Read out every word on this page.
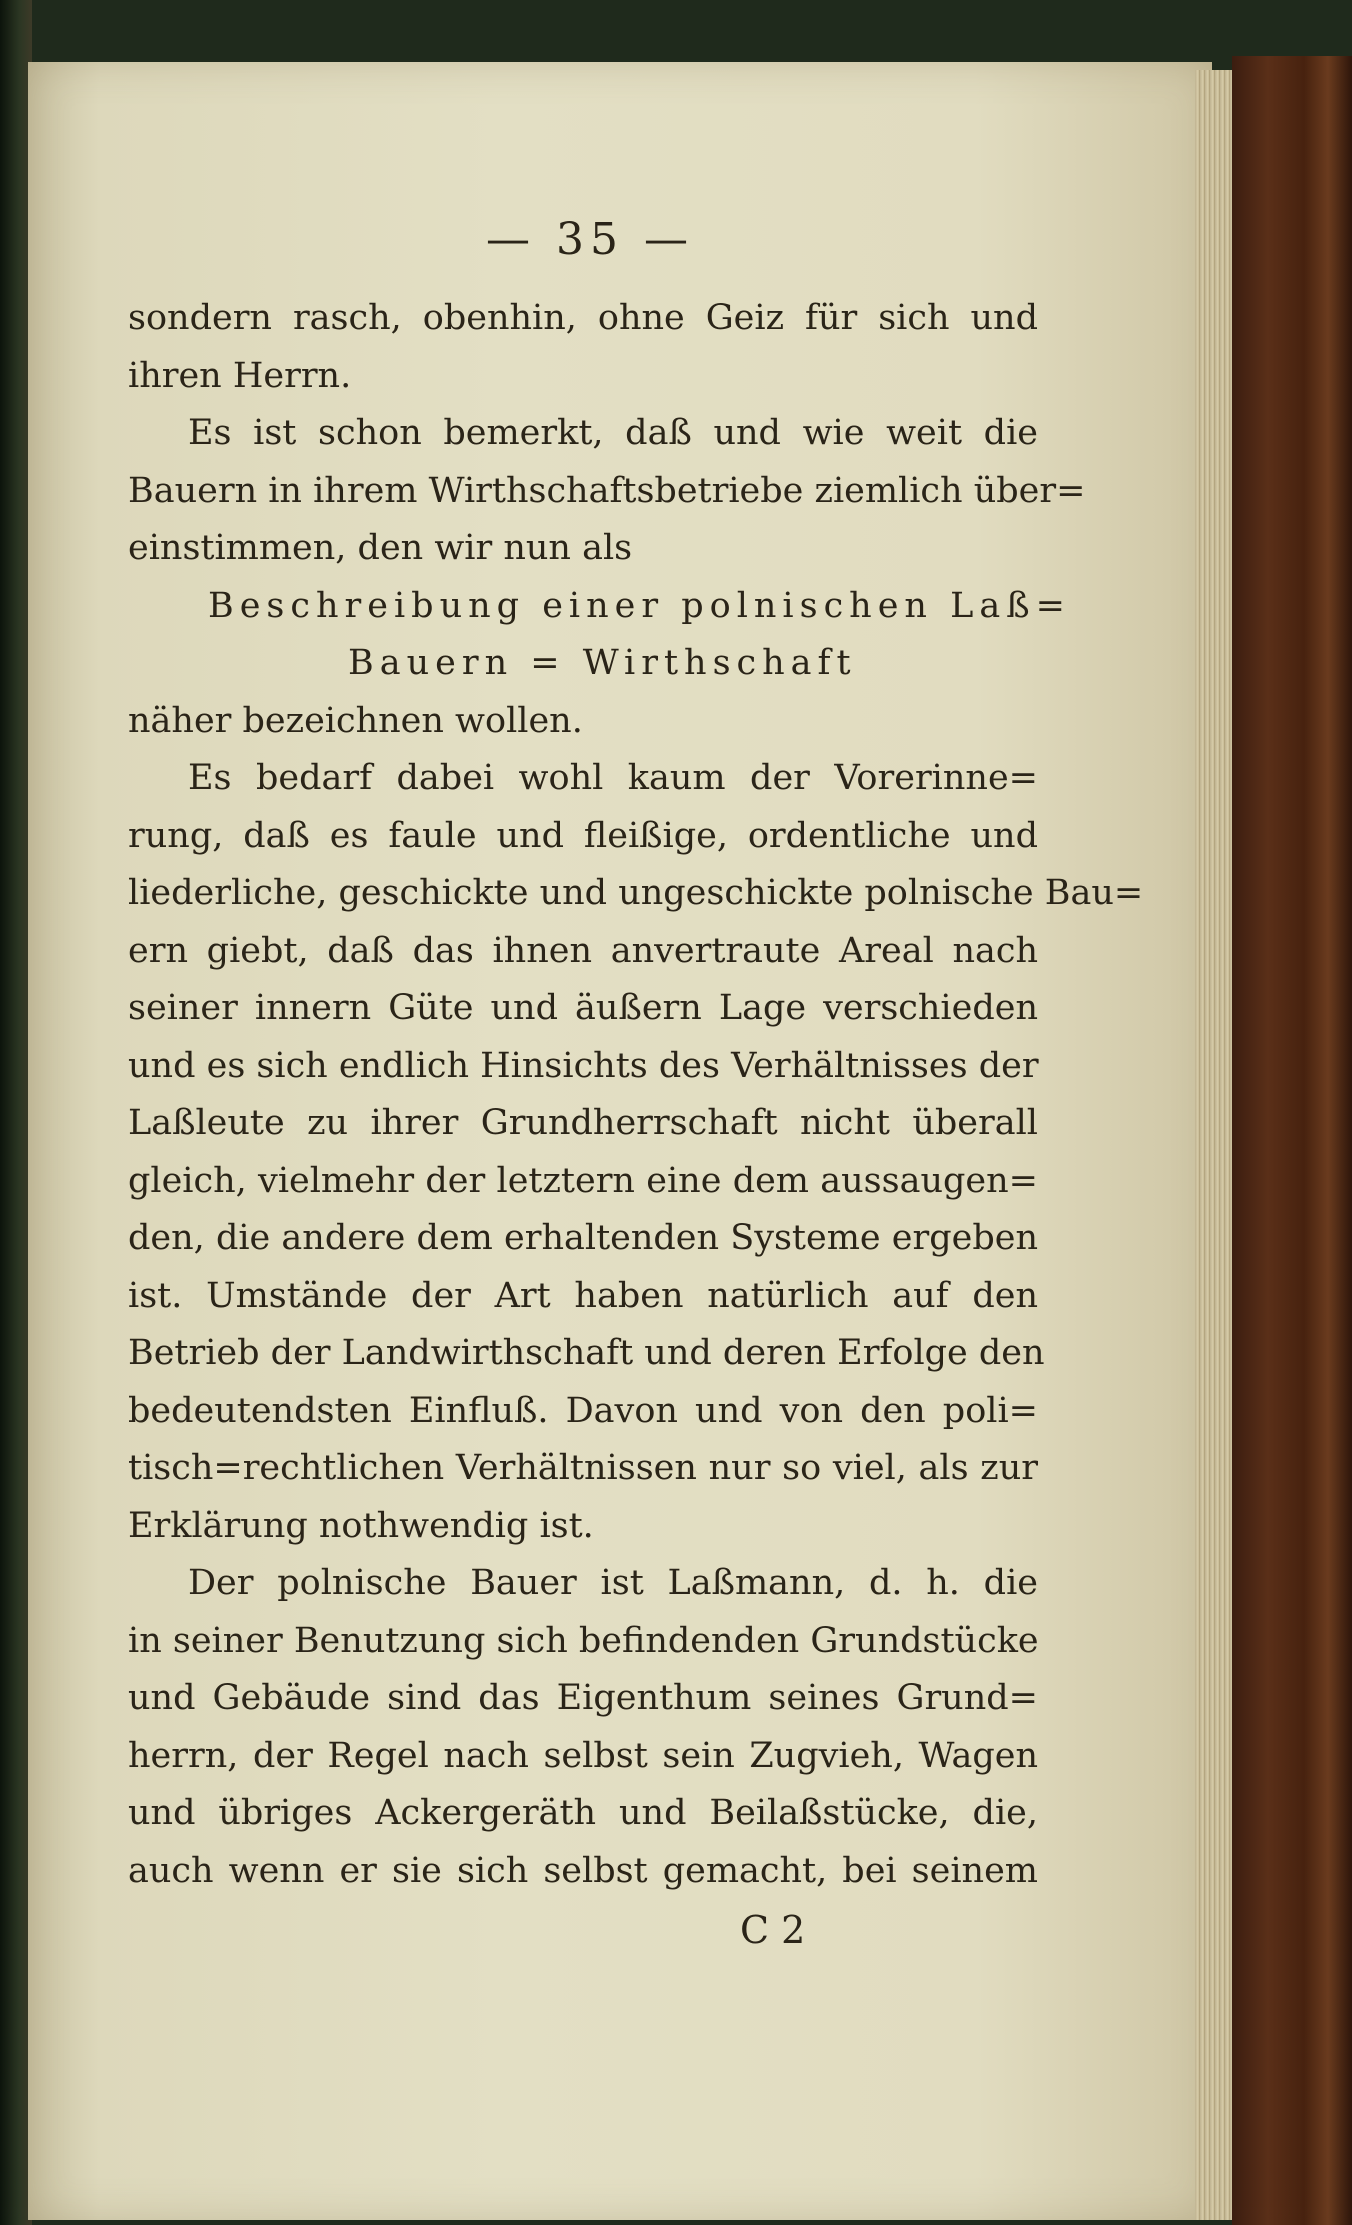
— 35 —
sondern rasch, obenhin, ohne Geiz für sich und
ihren Herrn.
Es ist schon bemerkt, daß und wie weit die
Bauern in ihrem Wirthschaftsbetriebe ziemlich über=
einstimmen, den wir nun als
Beschreibung einer polnischen Laß=
Bauern = Wirthschaft
näher bezeichnen wollen.
Es bedarf dabei wohl kaum der Vorerinne=
rung, daß es faule und fleißige, ordentliche und
liederliche, geschickte und ungeschickte polnische Bau=
ern giebt, daß das ihnen anvertraute Areal nach
seiner innern Güte und äußern Lage verschieden
und es sich endlich Hinsichts des Verhältnisses der
Laßleute zu ihrer Grundherrschaft nicht überall
gleich, vielmehr der letztern eine dem aussaugen=
den, die andere dem erhaltenden Systeme ergeben
ist. Umstände der Art haben natürlich auf den
Betrieb der Landwirthschaft und deren Erfolge den
bedeutendsten Einfluß. Davon und von den poli=
tisch=rechtlichen Verhältnissen nur so viel, als zur
Erklärung nothwendig ist.
Der polnische Bauer ist Laßmann, d. h. die
in seiner Benutzung sich befindenden Grundstücke
und Gebäude sind das Eigenthum seines Grund=
herrn, der Regel nach selbst sein Zugvieh, Wagen
und übriges Ackergeräth und Beilaßstücke, die,
auch wenn er sie sich selbst gemacht, bei seinem
C 2
